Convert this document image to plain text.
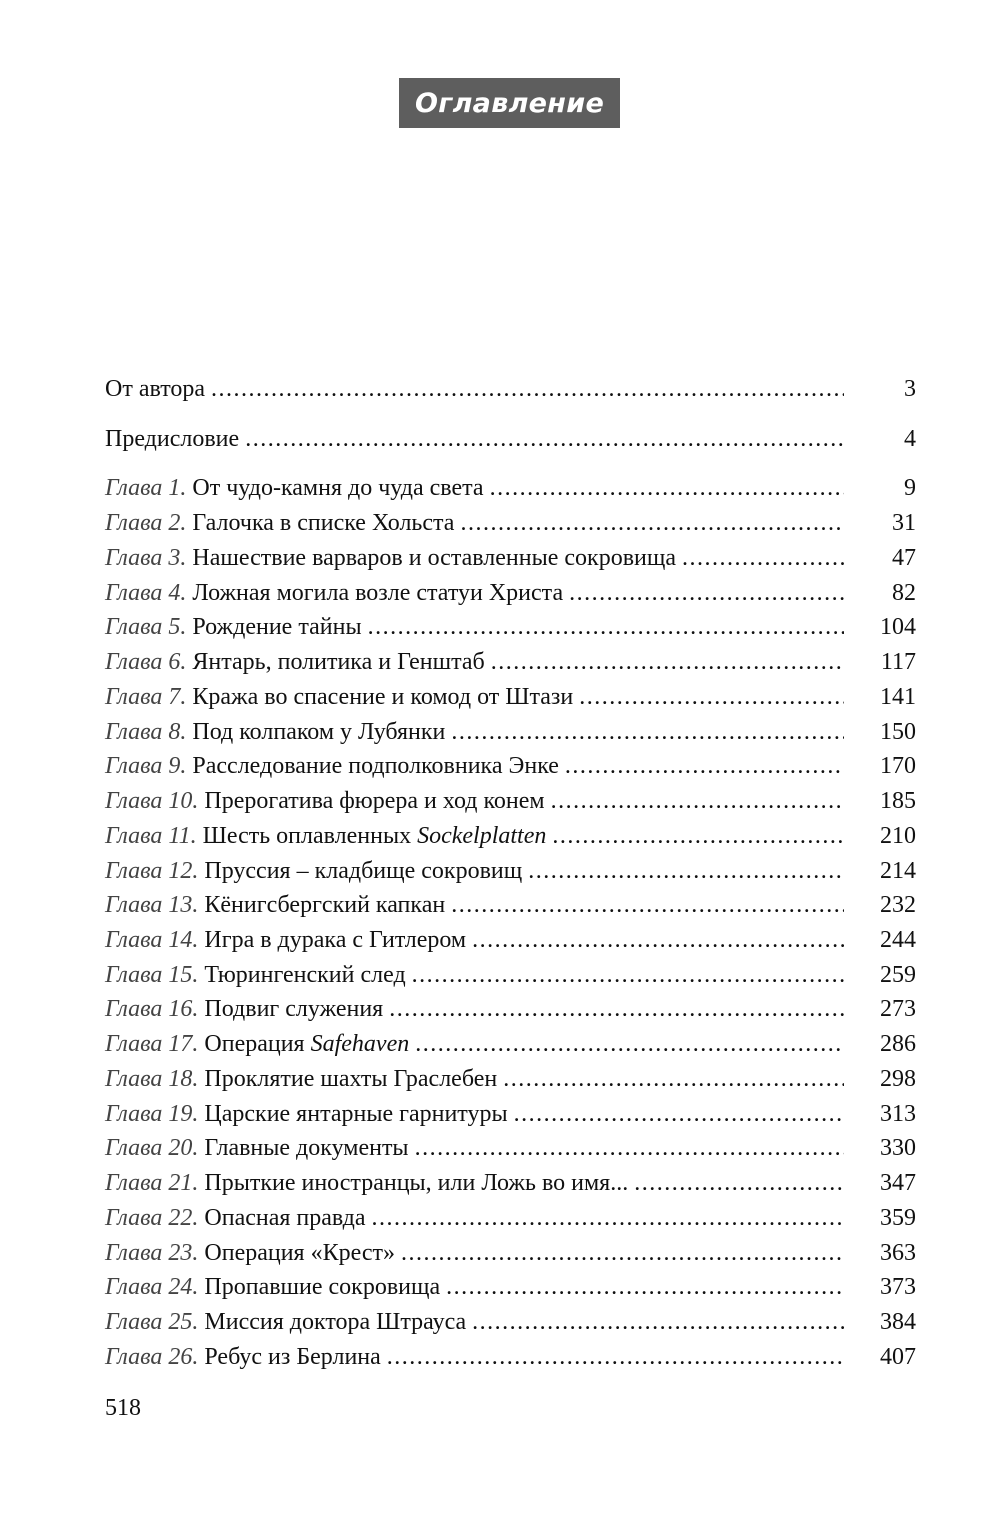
Оглавление
От автора .....	3
Предисловие .....	4
Глава 1. От чудо-камня до чуда света .....	9
Глава 2. Галочка в списке Хольста .....	31
Глава 3. Нашествие варваров и оставленные сокровища .....	47
Глава 4. Ложная могила возле статуи Христа .....	82
Глава 5. Рождение тайны .....	104
Глава 6. Янтарь, политика и Генштаб .....	117
Глава 7. Кража во спасение и комод от Штази .....	141
Глава 8. Под колпаком у Лубянки .....	150
Глава 9. Расследование подполковника Энке .....	170
Глава 10. Прерогатива фюрера и ход конем .....	185
Глава 11. Шесть оплавленных Sockelplatten .....	210
Глава 12. Пруссия – кладбище сокровищ .....	214
Глава 13. Кёнигсбергский капкан .....	232
Глава 14. Игра в дурака с Гитлером .....	244
Глава 15. Тюрингенский след .....	259
Глава 16. Подвиг служения .....	273
Глава 17. Операция Safehaven .....	286
Глава 18. Проклятие шахты Граслебен .....	298
Глава 19. Царские янтарные гарнитуры .....	313
Глава 20. Главные документы .....	330
Глава 21. Прыткие иностранцы, или Ложь во имя... .....	347
Глава 22. Опасная правда .....	359
Глава 23. Операция «Крест» .....	363
Глава 24. Пропавшие сокровища .....	373
Глава 25. Миссия доктора Штрауса .....	384
Глава 26. Ребус из Берлина .....	407
518
